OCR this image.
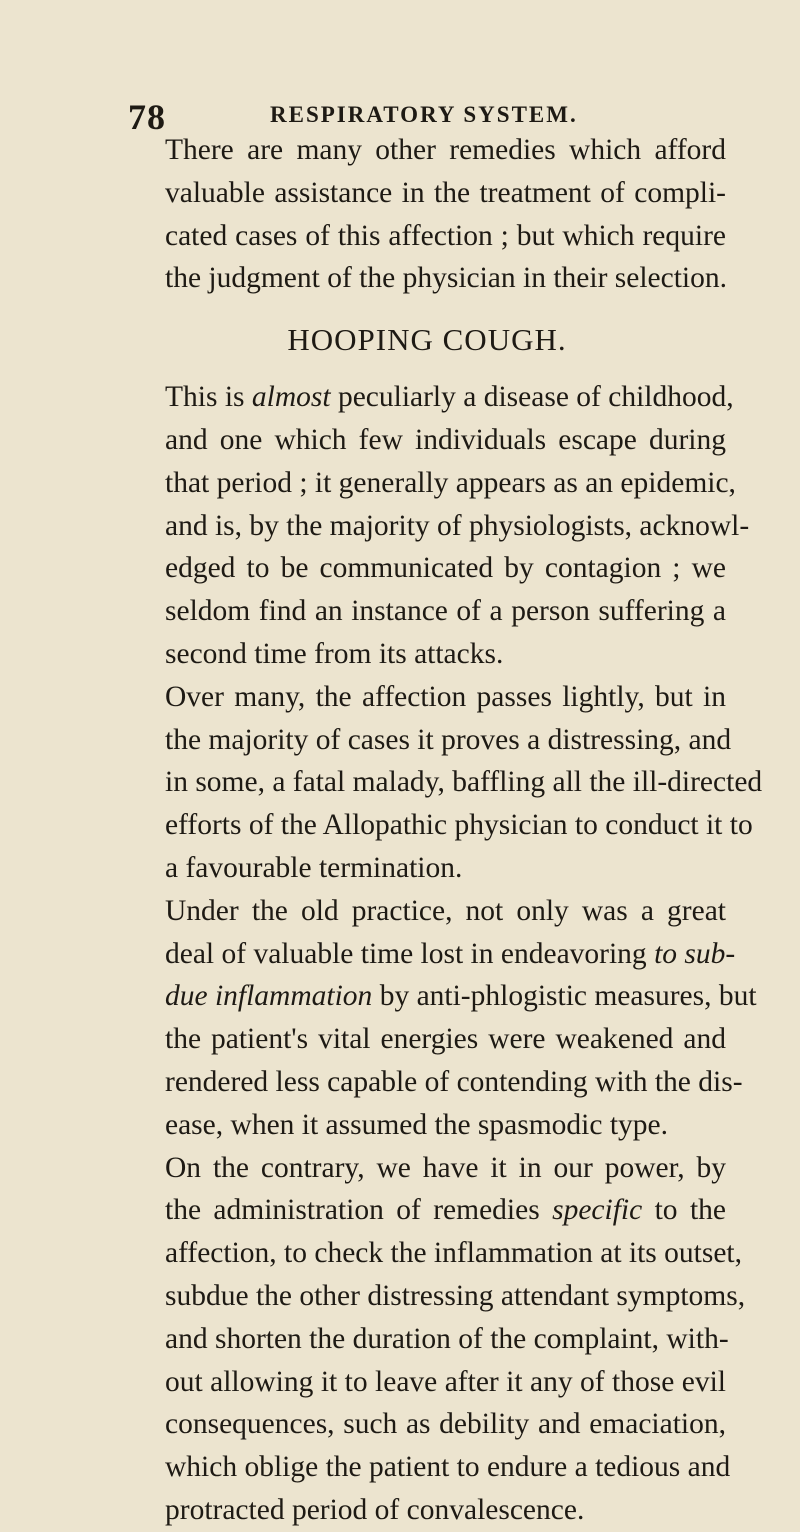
78	RESPIRATORY SYSTEM.

There are many other remedies which afford
valuable assistance in the treatment of compli-
cated cases of this affection ; but which require
the judgment of the physician in their selection.

HOOPING COUGH.

This is almost peculiarly a disease of childhood,
and one which few individuals escape during
that period ; it generally appears as an epidemic,
and is, by the majority of physiologists, acknowl-
edged to be communicated by contagion ; we
seldom find an instance of a person suffering a
second time from its attacks.

Over many, the affection passes lightly, but in
the majority of cases it proves a distressing, and
in some, a fatal malady, baffling all the ill-directed
efforts of the Allopathic physician to conduct it to
a favourable termination.

Under the old practice, not only was a great
deal of valuable time lost in endeavoring to sub-
due inflammation by anti-phlogistic measures, but
the patient's vital energies were weakened and
rendered less capable of contending with the dis-
ease, when it assumed the spasmodic type.

On the contrary, we have it in our power, by
the administration of remedies specific to the
affection, to check the inflammation at its outset,
subdue the other distressing attendant symptoms,
and shorten the duration of the complaint, with-
out allowing it to leave after it any of those evil
consequences, such as debility and emaciation,
which oblige the patient to endure a tedious and
protracted period of convalescence.
